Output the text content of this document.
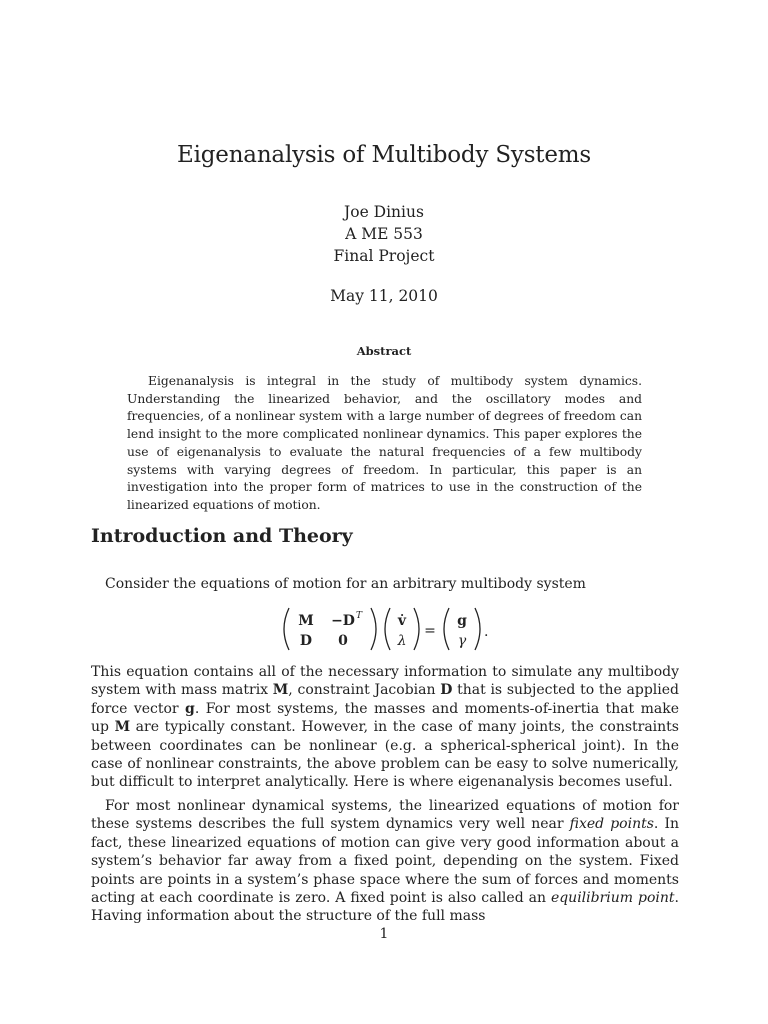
Eigenanalysis of Multibody Systems
Joe Dinius
A ME 553
Final Project
May 11, 2010
Abstract
Eigenanalysis is integral in the study of multibody system dynamics. Understanding the linearized behavior, and the oscillatory modes and frequencies, of a nonlinear system with a large number of degrees of freedom can lend insight to the more complicated nonlinear dynamics. This paper explores the use of eigenanalysis to evaluate the natural frequencies of a few multibody systems with varying degrees of freedom. In particular, this paper is an investigation into the proper form of matrices to use in the construction of the linearized equations of motion.
Introduction and Theory
Consider the equations of motion for an arbitrary multibody system
M −D T
D 0
v̇
λ
=
g
γ
.
This equation contains all of the necessary information to simulate any multibody system with mass matrix M, constraint Jacobian D that is subjected to the applied force vector g. For most systems, the masses and moments-of-inertia that make up M are typically constant. However, in the case of many joints, the constraints between coordinates can be nonlinear (e.g. a spherical-spherical joint). In the case of nonlinear constraints, the above problem can be easy to solve numerically, but difficult to interpret analytically. Here is where eigenanalysis becomes useful.
For most nonlinear dynamical systems, the linearized equations of motion for these systems describes the full system dynamics very well near fixed points. In fact, these linearized equations of motion can give very good information about a system’s behavior far away from a fixed point, depending on the system. Fixed points are points in a system’s phase space where the sum of forces and moments acting at each coordinate is zero. A fixed point is also called an equilibrium point. Having information about the structure of the full mass
1
